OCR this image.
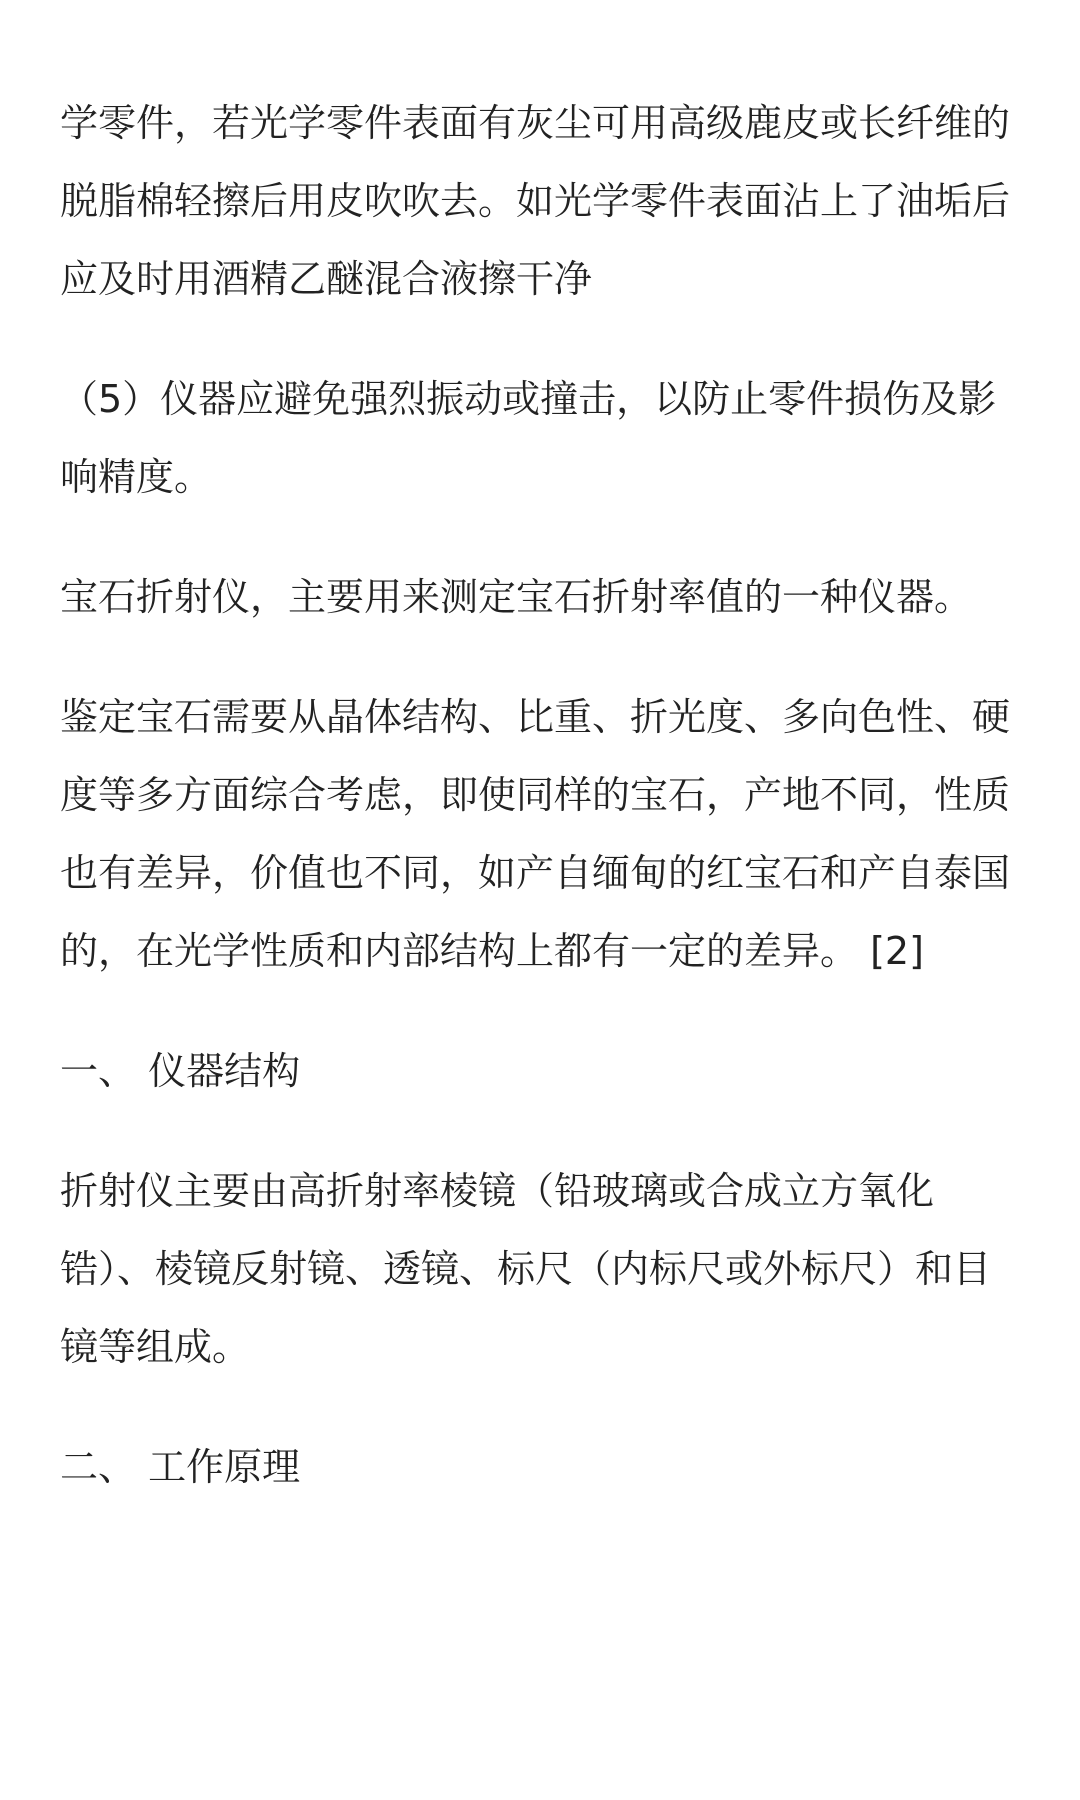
学零件，若光学零件表面有灰尘可用高级鹿皮或长纤维的脱脂棉轻擦后用皮吹吹去。如光学零件表面沾上了油垢后应及时用酒精乙醚混合液擦干净

（5）仪器应避免强烈振动或撞击，以防止零件损伤及影响精度。

宝石折射仪，主要用来测定宝石折射率值的一种仪器。

鉴定宝石需要从晶体结构、比重、折光度、多向色性、硬度等多方面综合考虑，即使同样的宝石，产地不同，性质也有差异，价值也不同，如产自缅甸的红宝石和产自泰国的，在光学性质和内部结构上都有一定的差异。 [2]

一、 仪器结构

折射仪主要由高折射率棱镜（铅玻璃或合成立方氧化锆）、棱镜反射镜、透镜、标尺（内标尺或外标尺）和目镜等组成。

二、 工作原理
